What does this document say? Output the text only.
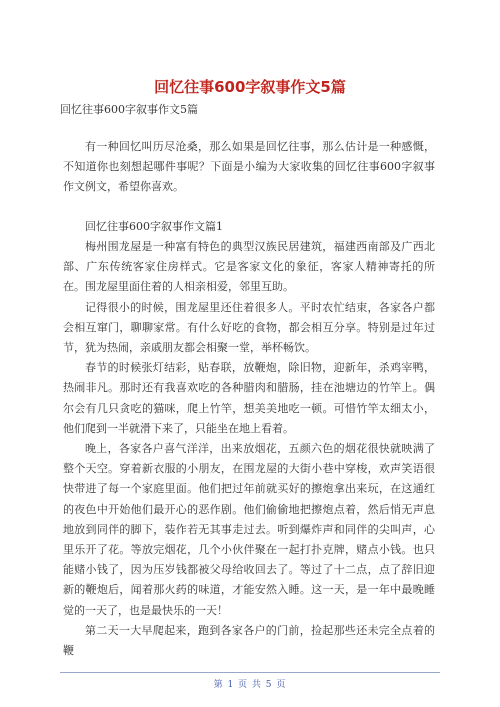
回忆往事600字叙事作文5篇
回忆往事600字叙事作文5篇

有一种回忆叫历尽沧桑，那么如果是回忆往事，那么估计是一种感慨，不知道你也刻想起哪件事呢？下面是小编为大家收集的回忆往事600字叙事作文例文，希望你喜欢。

回忆往事600字叙事作文篇1

梅州围龙屋是一种富有特色的典型汉族民居建筑，福建西南部及广西北部、广东传统客家住房样式。它是客家文化的象征，客家人精神寄托的所在。围龙屋里面住着的人相亲相爱，邻里互助。

记得很小的时候，围龙屋里还住着很多人。平时农忙结束，各家各户都会相互窜门，聊聊家常。有什么好吃的食物，都会相互分享。特别是过年过节，犹为热闹，亲戚朋友都会相聚一堂，举杯畅饮。

春节的时候张灯结彩，贴春联，放鞭炮，除旧物，迎新年，杀鸡宰鸭，热闹非凡。那时还有我喜欢吃的各种腊肉和腊肠，挂在池塘边的竹竿上。偶尔会有几只贪吃的猫咪，爬上竹竿，想美美地吃一顿。可惜竹竿太细太小，他们爬到一半就滑下来了，只能坐在地上看着。

晚上，各家各户喜气洋洋，出来放烟花，五颜六色的烟花很快就映满了整个天空。穿着新衣服的小朋友，在围龙屋的大街小巷中穿梭，欢声笑语很快带进了每一个家庭里面。他们把过年前就买好的擦炮拿出来玩，在这通红的夜色中开始他们最开心的恶作剧。他们偷偷地把擦炮点着，然后悄无声息地放到同伴的脚下，装作若无其事走过去。听到爆炸声和同伴的尖叫声，心里乐开了花。等放完烟花，几个小伙伴聚在一起打扑克牌，赌点小钱。也只能赌小钱了，因为压岁钱都被父母给收回去了。等过了十二点，点了辞旧迎新的鞭炮后，闻着那火药的味道，才能安然入睡。这一天，是一年中最晚睡觉的一天了，也是最快乐的一天！

第二天一大早爬起来，跑到各家各户的门前，捡起那些还未完全点着的鞭

第 1 页 共 5 页
